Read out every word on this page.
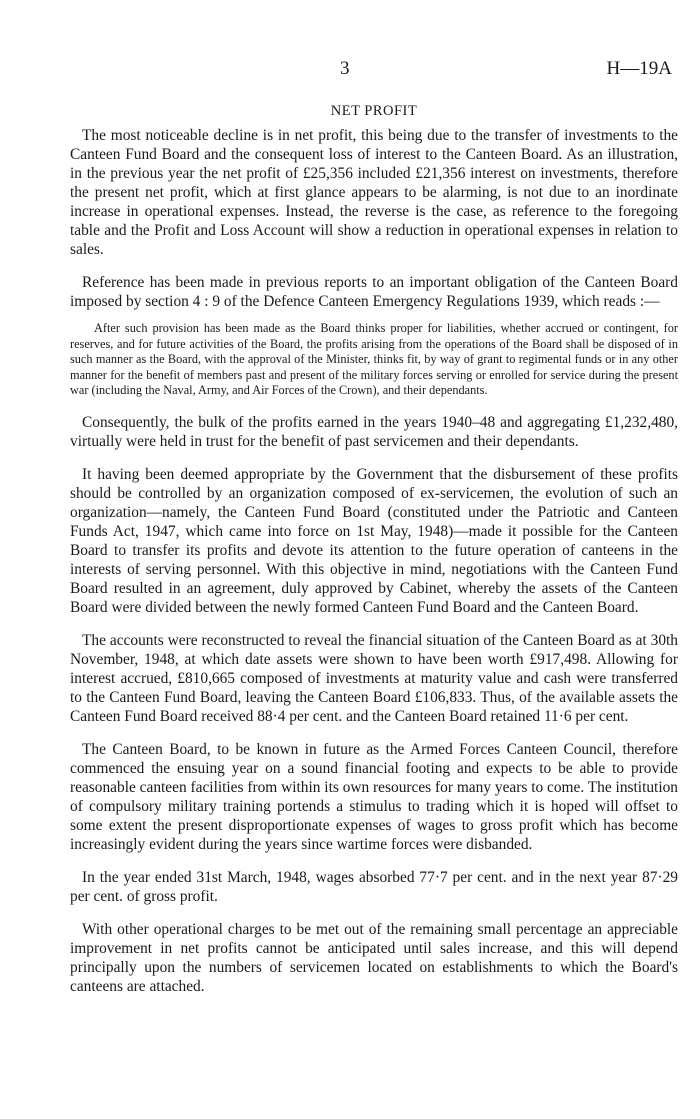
3	H—19A
NET PROFIT

The most noticeable decline is in net profit, this being due to the transfer of investments to the Canteen Fund Board and the consequent loss of interest to the Canteen Board. As an illustration, in the previous year the net profit of £25,356 included £21,356 interest on investments, therefore the present net profit, which at first glance appears to be alarming, is not due to an inordinate increase in operational expenses. Instead, the reverse is the case, as reference to the foregoing table and the Profit and Loss Account will show a reduction in operational expenses in relation to sales.

Reference has been made in previous reports to an important obligation of the Canteen Board imposed by section 4 : 9 of the Defence Canteen Emergency Regulations 1939, which reads :—

After such provision has been made as the Board thinks proper for liabilities, whether accrued or contingent, for reserves, and for future activities of the Board, the profits arising from the operations of the Board shall be disposed of in such manner as the Board, with the approval of the Minister, thinks fit, by way of grant to regimental funds or in any other manner for the benefit of members past and present of the military forces serving or enrolled for service during the present war (including the Naval, Army, and Air Forces of the Crown), and their dependants.

Consequently, the bulk of the profits earned in the years 1940–48 and aggregating £1,232,480, virtually were held in trust for the benefit of past servicemen and their dependants.

It having been deemed appropriate by the Government that the disbursement of these profits should be controlled by an organization composed of ex-servicemen, the evolution of such an organization—namely, the Canteen Fund Board (constituted under the Patriotic and Canteen Funds Act, 1947, which came into force on 1st May, 1948)—made it possible for the Canteen Board to transfer its profits and devote its attention to the future operation of canteens in the interests of serving personnel. With this objective in mind, negotiations with the Canteen Fund Board resulted in an agreement, duly approved by Cabinet, whereby the assets of the Canteen Board were divided between the newly formed Canteen Fund Board and the Canteen Board.

The accounts were reconstructed to reveal the financial situation of the Canteen Board as at 30th November, 1948, at which date assets were shown to have been worth £917,498. Allowing for interest accrued, £810,665 composed of investments at maturity value and cash were transferred to the Canteen Fund Board, leaving the Canteen Board £106,833. Thus, of the available assets the Canteen Fund Board received 88·4 per cent. and the Canteen Board retained 11·6 per cent.

The Canteen Board, to be known in future as the Armed Forces Canteen Council, therefore commenced the ensuing year on a sound financial footing and expects to be able to provide reasonable canteen facilities from within its own resources for many years to come. The institution of compulsory military training portends a stimulus to trading which it is hoped will offset to some extent the present disproportionate expenses of wages to gross profit which has become increasingly evident during the years since wartime forces were disbanded.

In the year ended 31st March, 1948, wages absorbed 77·7 per cent. and in the next year 87·29 per cent. of gross profit.

With other operational charges to be met out of the remaining small percentage an appreciable improvement in net profits cannot be anticipated until sales increase, and this will depend principally upon the numbers of servicemen located on establishments to which the Board's canteens are attached.
